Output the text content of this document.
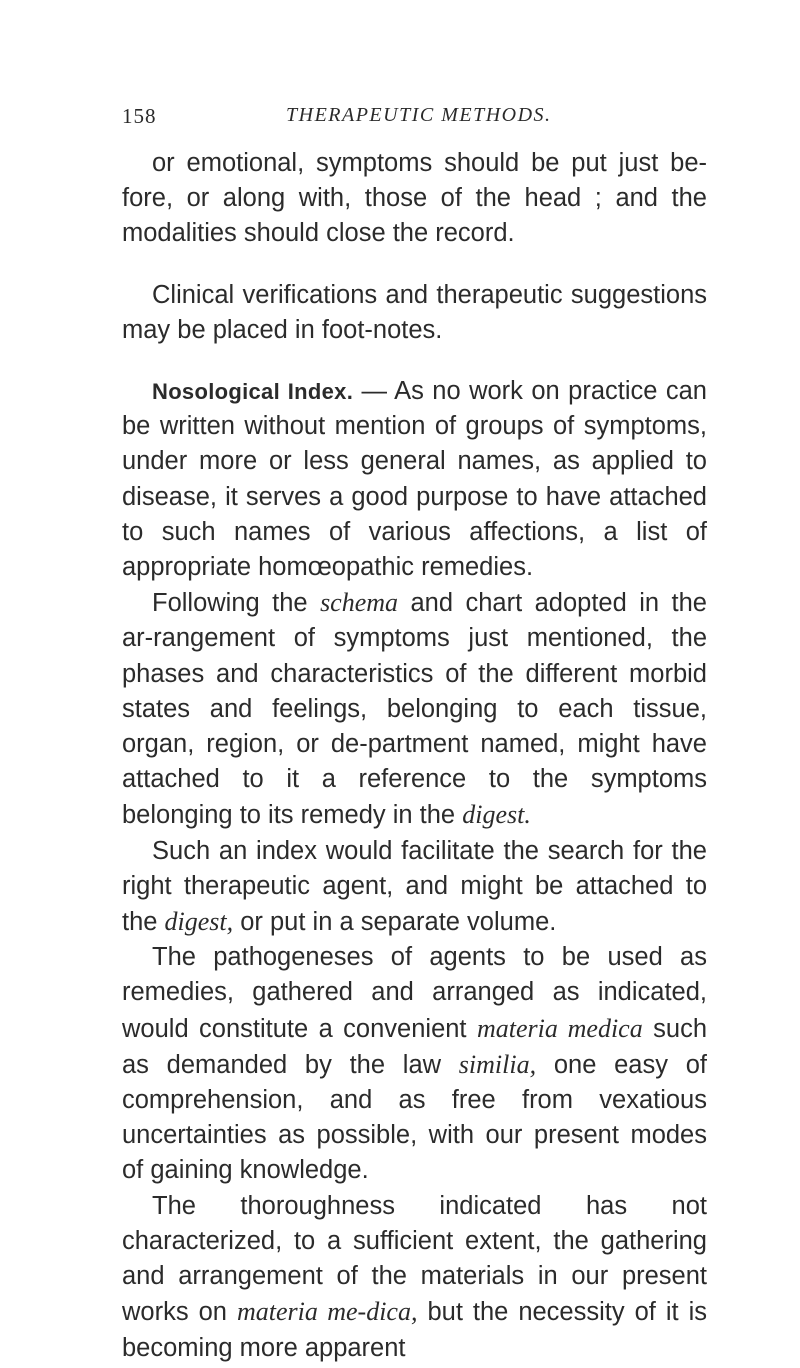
158	THERAPEUTIC METHODS.

or emotional, symptoms should be put just be-fore, or along with, those of the head ; and the modalities should close the record.

Clinical verifications and therapeutic suggestions may be placed in foot-notes.

Nosological Index. — As no work on practice can be written without mention of groups of symptoms, under more or less general names, as applied to disease, it serves a good purpose to have attached to such names of various affections, a list of appropriate homœopathic remedies.

Following the schema and chart adopted in the ar-rangement of symptoms just mentioned, the phases and characteristics of the different morbid states and feelings, belonging to each tissue, organ, region, or de-partment named, might have attached to it a reference to the symptoms belonging to its remedy in the digest.

Such an index would facilitate the search for the right therapeutic agent, and might be attached to the digest, or put in a separate volume.

The pathogeneses of agents to be used as remedies, gathered and arranged as indicated, would constitute a convenient materia medica such as demanded by the law similia, one easy of comprehension, and as free from vexatious uncertainties as possible, with our present modes of gaining knowledge.

The thoroughness indicated has not characterized, to a sufficient extent, the gathering and arrangement of the materials in our present works on materia me-dica, but the necessity of it is becoming more apparent
